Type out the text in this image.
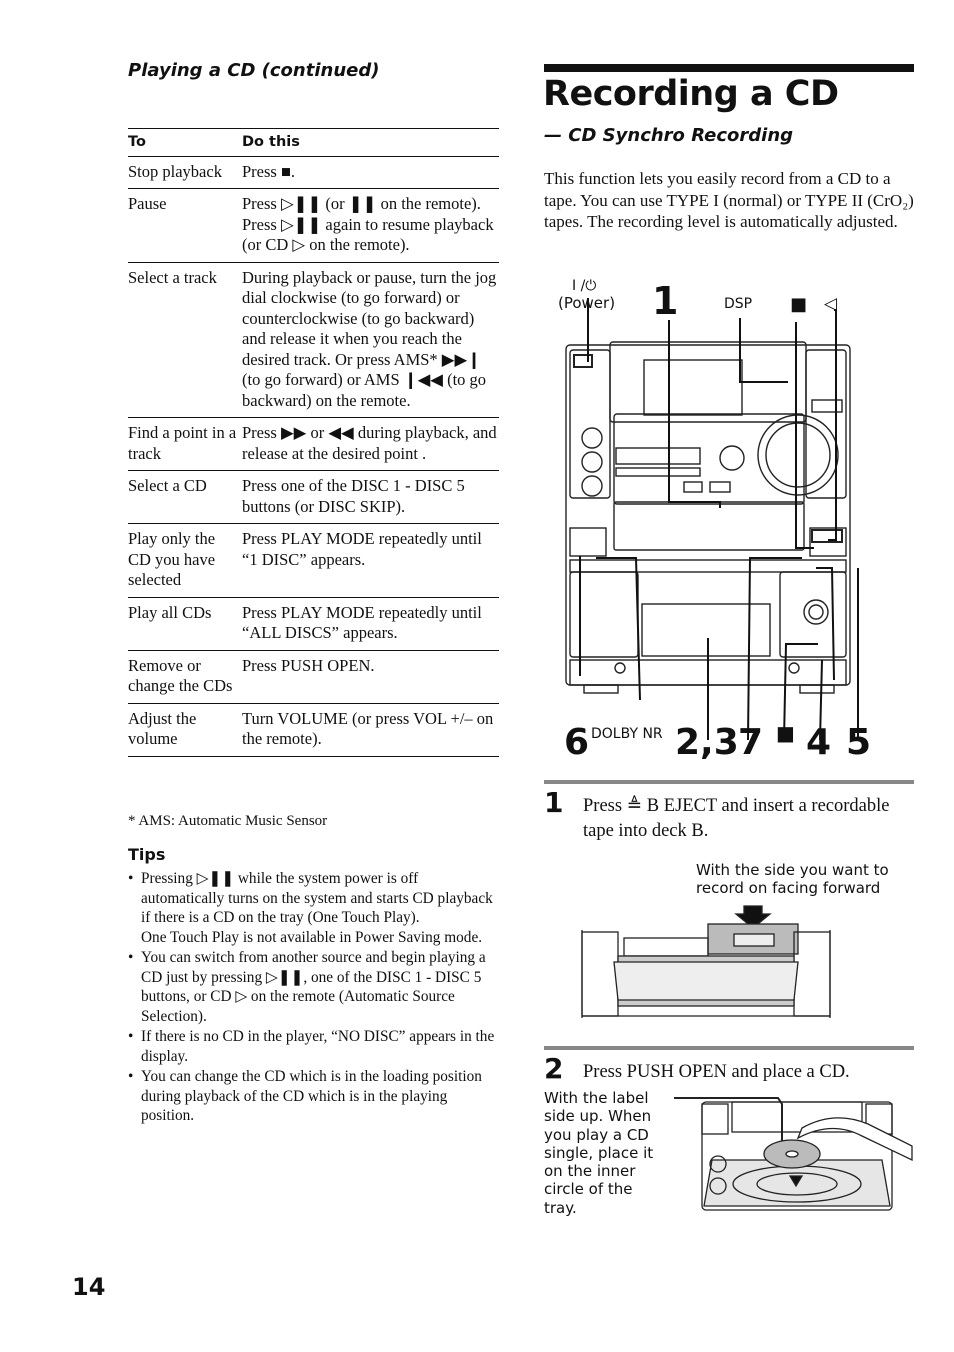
Playing a CD (continued)
To	Do this
Stop playback	Press ■.
Pause	Press ▷❚❚ (or ❚❚ on the remote). Press ▷❚❚ again to resume playback (or CD ▷ on the remote).
Select a track	During playback or pause, turn the jog dial clockwise (to go forward) or counterclockwise (to go backward) and release it when you reach the desired track. Or press AMS* ▶▶❙ (to go forward) or AMS ❙◀◀ (to go backward) on the remote.
Find a point in a track	Press ▶▶ or ◀◀ during playback, and release at the desired point .
Select a CD	Press one of the DISC 1 - DISC 5 buttons (or DISC SKIP).
Play only the CD you have selected	Press PLAY MODE repeatedly until “1 DISC” appears.
Play all CDs	Press PLAY MODE repeatedly until “ALL DISCS” appears.
Remove or change the CDs	Press PUSH OPEN.
Adjust the volume	Turn VOLUME (or press VOL +/– on the remote).
* AMS: Automatic Music Sensor
Tips
• Pressing ▷❚❚ while the system power is off automatically turns on the system and starts CD playback if there is a CD on the tray (One Touch Play).
One Touch Play is not available in Power Saving mode.
• You can switch from another source and begin playing a CD just by pressing ▷❚❚, one of the DISC 1 - DISC 5 buttons, or CD ▷ on the remote (Automatic Source Selection).
• If there is no CD in the player, “NO DISC” appears in the display.
• You can change the CD which is in the loading position during playback of the CD which is in the playing position.
14
Recording a CD
— CD Synchro Recording
This function lets you easily record from a CD to a tape. You can use TYPE I (normal) or TYPE II (CrO₂) tapes. The recording level is automatically adjusted.
I /⏻
(Power) 1	DSP ■ ◁
6 DOLBY NR 2,3 7 ■ 4 5
1 Press ≜ B EJECT and insert a recordable tape into deck B.
With the side you want to
record on facing forward
2 Press PUSH OPEN and place a CD.
With the label side up. When you play a CD single, place it on the inner circle of the tray.
